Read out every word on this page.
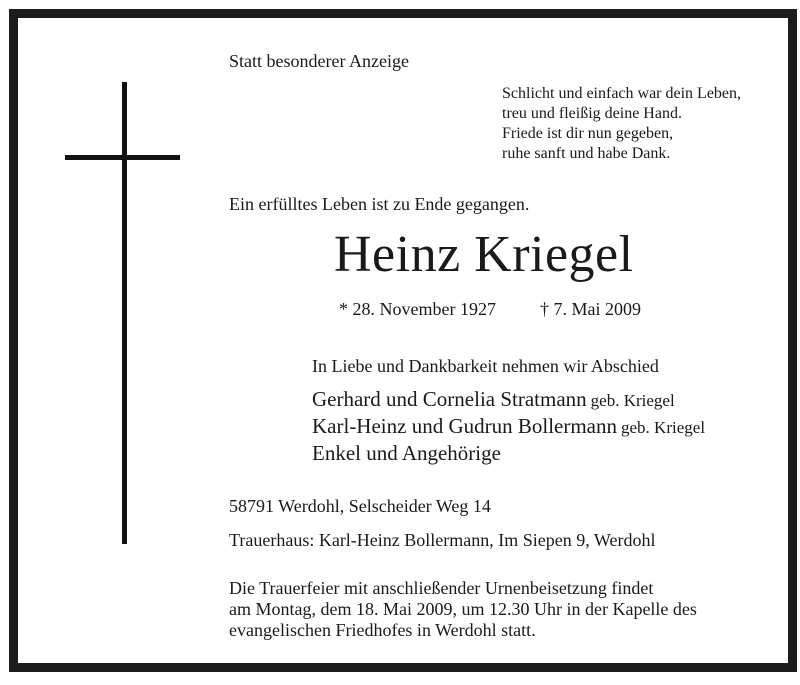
Statt besonderer Anzeige
Schlicht und einfach war dein Leben,
treu und fleißig deine Hand.
Friede ist dir nun gegeben,
ruhe sanft und habe Dank.
Ein erfülltes Leben ist zu Ende gegangen.
Heinz Kriegel
* 28. November 1927 † 7. Mai 2009
In Liebe und Dankbarkeit nehmen wir Abschied
Gerhard und Cornelia Stratmann geb. Kriegel
Karl-Heinz und Gudrun Bollermann geb. Kriegel
Enkel und Angehörige
58791 Werdohl, Selscheider Weg 14
Trauerhaus: Karl-Heinz Bollermann, Im Siepen 9, Werdohl
Die Trauerfeier mit anschließender Urnenbeisetzung findet
am Montag, dem 18. Mai 2009, um 12.30 Uhr in der Kapelle des
evangelischen Friedhofes in Werdohl statt.
